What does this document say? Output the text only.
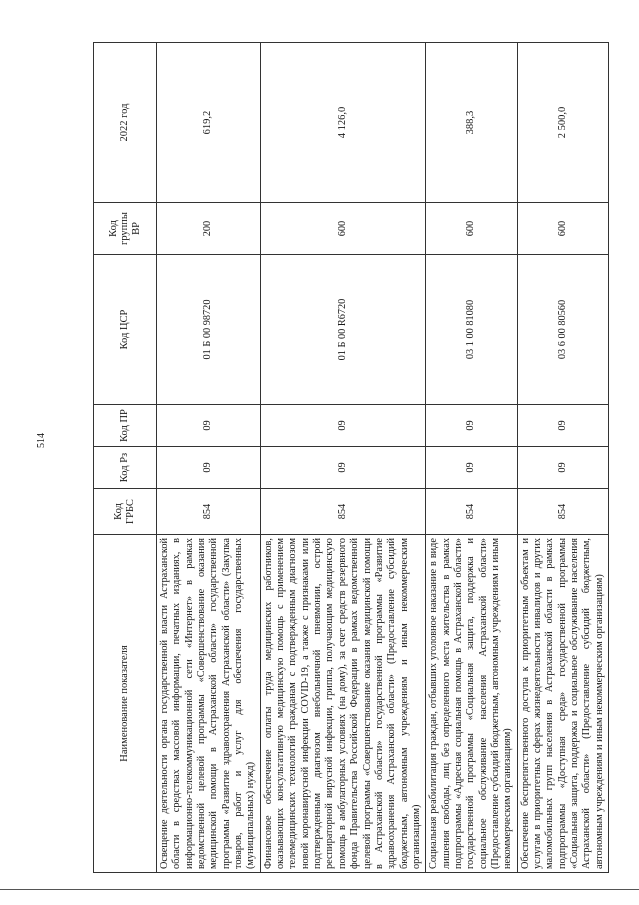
514
Наименование показателя	Код ГРБС	Код Рз	Код ПР	Код ЦСР	Код группы ВР	2022 год
Освещение деятельности органа государственной власти Астраханской области в средствах массовой информации, печатных изданиях, в информационно-телекоммуникационной сети «Интернет» в рамках ведомственной целевой программы «Совершенствование оказания медицинской помощи в Астраханской области» государственной программы «Развитие здравоохранения Астраханской области» (Закупка товаров, работ и услуг для обеспечения государственных (муниципальных) нужд)	854	09	09	01 Б 00 98720	200	619,2
Финансовое обеспечение оплаты труда медицинских работников, оказывающих консультативную медицинскую помощь с применением телемедицинских технологий гражданам с подтвержденным диагнозом новой коронавирусной инфекции COVID-19, а также с признаками или подтвержденным диагнозом внебольничной пневмонии, острой респираторной вирусной инфекции, гриппа, получающим медицинскую помощь в амбулаторных условиях (на дому), за счет средств резервного фонда Правительства Российской Федерации в рамках ведомственной целевой программы «Совершенствование оказания медицинской помощи в Астраханской области» государственной программы «Развитие здравоохранения Астраханской области» (Предоставление субсидий бюджетным, автономным учреждениям и иным некоммерческим организациям)	854	09	09	01 Б 00 R6720	600	4 126,0
Социальная реабилитация граждан, отбывших уголовное наказание в виде лишения свободы, лиц без определенного места жительства в рамках подпрограммы «Адресная социальная помощь в Астраханской области» государственной программы «Социальная защита, поддержка и социальное обслуживание населения Астраханской области» (Предоставление субсидий бюджетным, автономным учреждениям и иным некоммерческим организациям)	854	09	09	03 1 00 81080	600	388,3
Обеспечение беспрепятственного доступа к приоритетным объектам и услугам в приоритетных сферах жизнедеятельности инвалидов и других маломобильных групп населения в Астраханской области в рамках подпрограммы «Доступная среда» государственной программы «Социальная защита, поддержка и социальное обслуживание населения Астраханской области» (Предоставление субсидий бюджетным, автономным учреждениям и иным некоммерческим организациям)	854	09	09	03 6 00 80560	600	2 500,0
